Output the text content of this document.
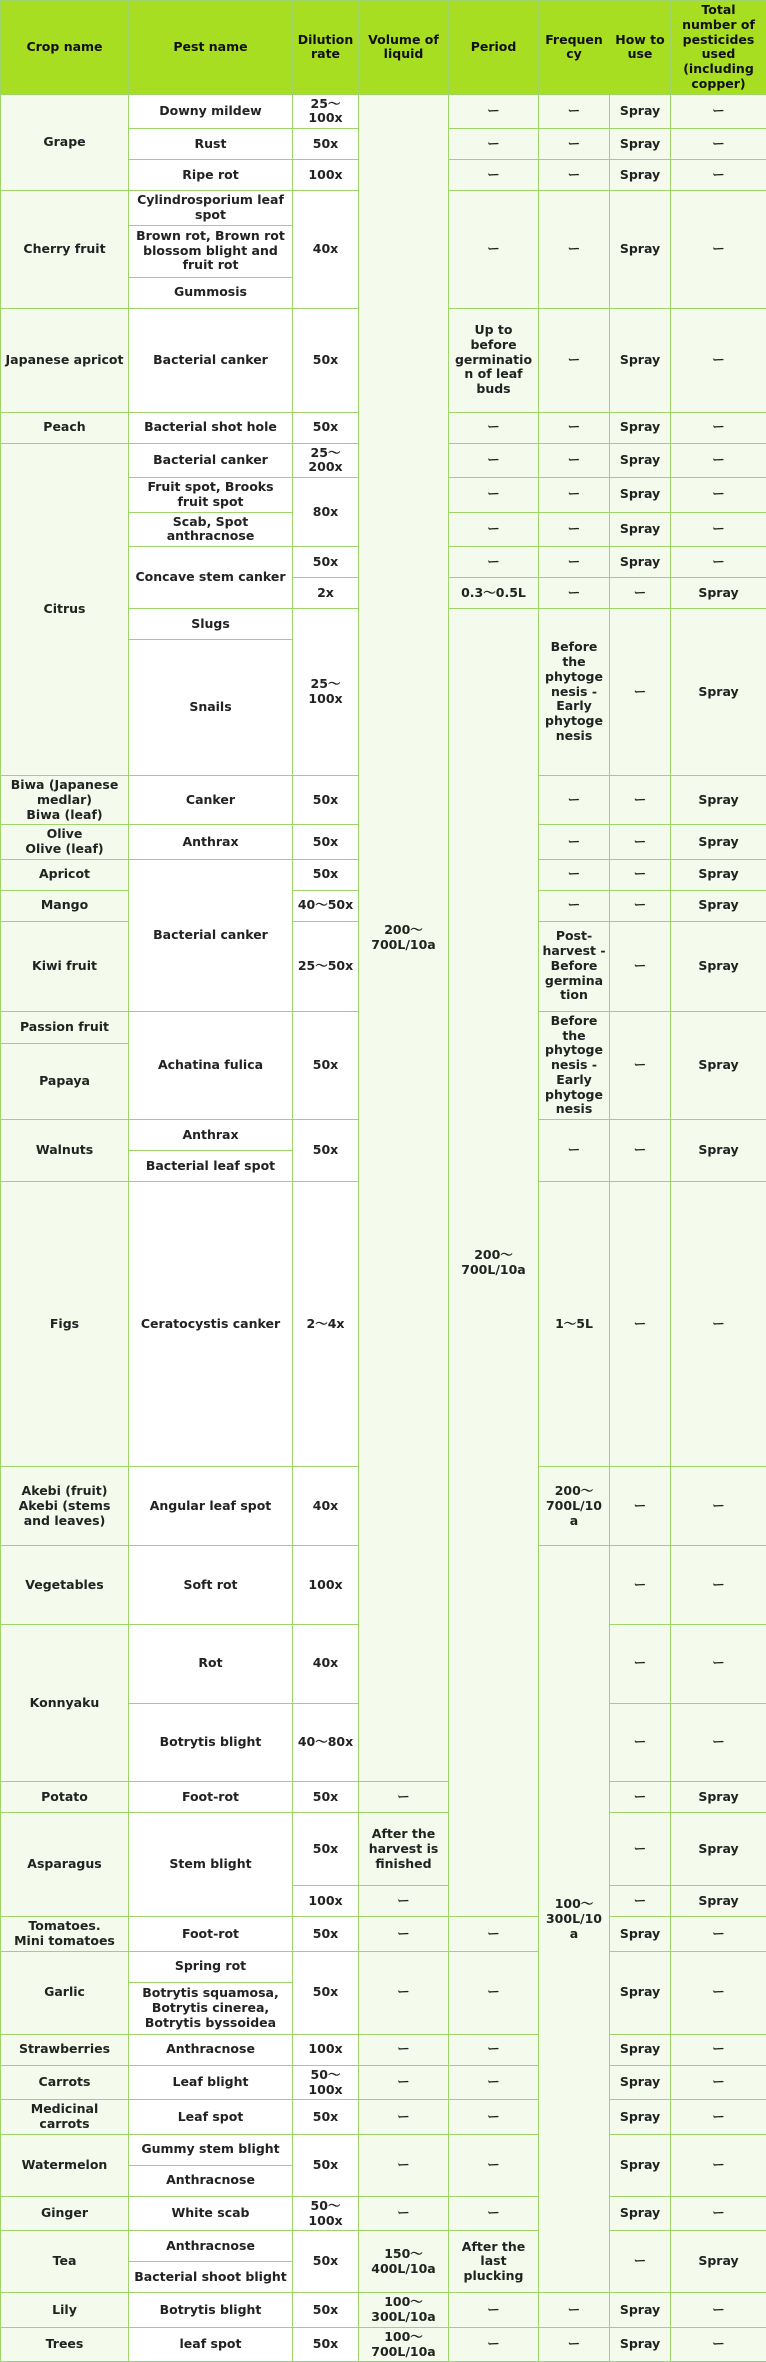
Crop name	Pest name	Dilution rate	Volume of liquid	Period	Frequency	How to use	Total number of pesticides used (including copper)	
Grape	Downy mildew	25～100x	200～700L/10a	ー	ー	Spray	ー	
	Rust	50x		ー	ー	Spray	ー	
	Ripe rot	100x		ー	ー	Spray	ー	
Cherry fruit	Cylindrosporium leaf spot	40x		ー	ー	Spray	ー	
	Brown rot, Brown rot blossom blight and fruit rot							
	Gummosis							
Japanese apricot	Bacterial canker	50x		Up to before germination of leaf buds	ー	Spray	ー	
Peach	Bacterial shot hole	50x		ー	ー	Spray	ー	
Citrus	Bacterial canker	25～200x		ー	ー	Spray	ー	
	Fruit spot, Brooks fruit spot	80x		ー	ー	Spray	ー	
	Scab, Spot anthracnose			ー	ー	Spray	ー	
	Concave stem canker	50x		ー	ー	Spray	ー	
		2x		0.3～0.5L	ー	ー	Spray	
	Slugs	25～100x		200～700L/10a	Before the phytogenesis - Early phytogenesis	ー	Spray	
	Snails							
Biwa (Japanese medlar)
Biwa (leaf)	Canker	50x			ー	ー	Spray	
Olive
Olive (leaf)	Anthrax	50x			ー	ー	Spray	
Apricot	Bacterial canker	50x			ー	ー	Spray	
Mango		40～50x			ー	ー	Spray	
Kiwi fruit		25～50x			Post-harvest - Before germination	ー	Spray	
Passion fruit	Achatina fulica	50x			Before the phytogenesis - Early phytogenesis	ー	Spray	
Papaya								
Walnuts	Anthrax	50x			ー	ー	Spray	
	Bacterial leaf spot							
Figs	Ceratocystis canker	2～4x			1～5L	ー	ー		
Akebi (fruit)
Akebi (stems and leaves)	Angular leaf spot	40x			200～700L/10a	ー	ー		
Vegetables	Soft rot	100x			100～300L/10a	ー	ー		
Konnyaku	Rot	40x				ー	ー		
	Botrytis blight	40～80x				ー	ー		
Potato	Foot-rot	50x	ー			ー	Spray	
Asparagus	Stem blight	50x	After the harvest is finished			ー	Spray	
		100x	ー			ー	Spray	
Tomatoes.
Mini tomatoes	Foot-rot	50x	ー	ー		Spray	ー	
Garlic	Spring rot	50x	ー	ー		Spray	ー	
	Botrytis squamosa, Botrytis cinerea, Botrytis byssoidea							
Strawberries	Anthracnose	100x	ー	ー		Spray	ー	
Carrots	Leaf blight	50～100x	ー	ー		Spray	ー	
Medicinal carrots	Leaf spot	50x	ー	ー		Spray	ー	
Watermelon	Gummy stem blight	50x	ー	ー		Spray	ー	
	Anthracnose							
Ginger	White scab	50～100x	ー	ー		Spray	ー	
Tea	Anthracnose	50x	150～400L/10a	After the last plucking		ー	Spray	
	Bacterial shoot blight							
Lily	Botrytis blight	50x	100～300L/10a	ー	ー	Spray	ー	
Trees	leaf spot	50x	100～700L/10a	ー	ー	Spray	ー	
